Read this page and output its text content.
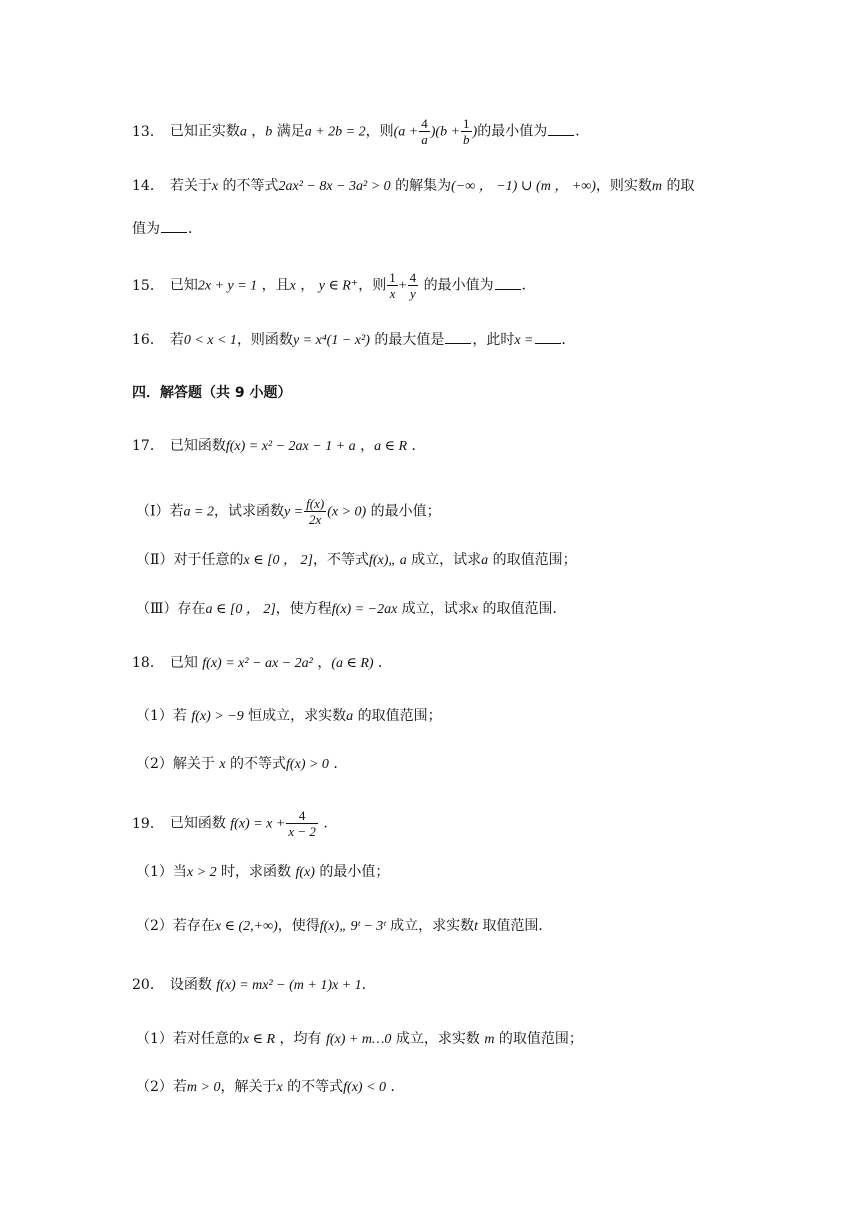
13． 已知正实数a ，b 满足a + 2b = 2，则$(a + \frac{4}{a} )(b + \frac{1}{b}$ )的最小值为 ．
14． 若关于x 的不等式2ax² − 8x − 3a² > 0 的解集为(−∞ ， −1) ∪ (m ， +∞)，则实数m 的取
值为 ．
15． 已知2x + y = 1 ，且x ， y ∈ R⁺，则 $\frac{1}{x} + \frac{4}{y}$ 的最小值为 ．
16． 若0 < x < 1，则函数y = x⁴(1 − x²) 的最大值是 ，此时x = ．
四．解答题（共 9 小题）
17． 已知函数f(x) = x² − 2ax − 1 + a ，a ∈ R ．
（Ⅰ）若a = 2，试求函数$y = \frac{f(x)}{2x} (x > 0)$ 的最小值；
（Ⅱ）对于任意的x ∈ [0 ， 2]，不等式f(x)„ a 成立，试求a 的取值范围；
（Ⅲ）存在a ∈ [0 ， 2]，使方程f(x) = −2ax 成立，试求x 的取值范围．
18． 已知 f(x) = x² − ax − 2a² ，(a ∈ R) ．
（1）若 f(x) > −9 恒成立，求实数a 的取值范围；
（2）解关于 x 的不等式f(x) > 0 ．
19． 已知函数 $f(x) = x + \frac{4}{x - 2}$ ．
（1）当x > 2 时，求函数 f(x) 的最小值；
（2）若存在x ∈ (2,+∞)，使得f(x)„ 9ᵗ − 3ᵗ 成立，求实数t 取值范围．
20． 设函数 f(x) = mx² − (m + 1)x + 1．
（1）若对任意的x ∈ R ，均有 f(x) + m…0 成立，求实数 m 的取值范围；
（2）若m > 0，解关于x 的不等式f(x) < 0 ．
